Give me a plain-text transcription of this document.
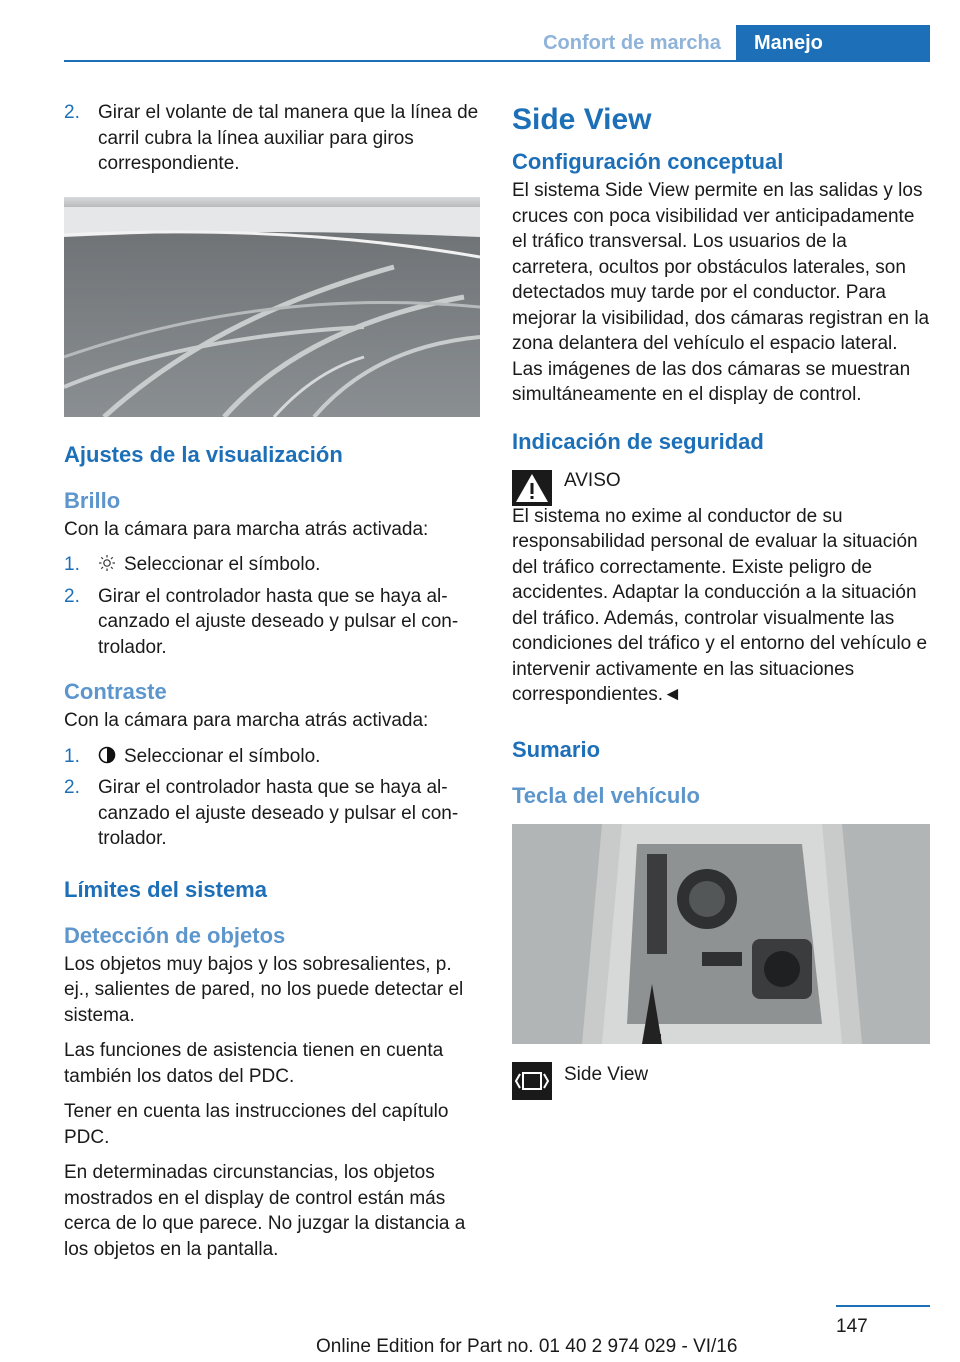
Confort de marcha	Manejo
2. Girar el volante de tal manera que la línea de carril cubra la línea auxiliar para giros correspondiente.
Ajustes de la visualización
Brillo

Con la cámara para marcha atrás activada:

1.	Seleccionar el símbolo.
2. Girar el controlador hasta que se haya alcanzado el ajuste deseado y pulsar el controlador.
Contraste

Con la cámara para marcha atrás activada:

1.	Seleccionar el símbolo.
2. Girar el controlador hasta que se haya alcanzado el ajuste deseado y pulsar el controlador.
Límites del sistema
Detección de objetos

Los objetos muy bajos y los sobresalientes, p. ej., salientes de pared, no los puede detectar el sistema.

Las funciones de asistencia tienen en cuenta también los datos del PDC.

Tener en cuenta las instrucciones del capítulo PDC.

En determinadas circunstancias, los objetos mostrados en el display de control están más cerca de lo que parece. No juzgar la distancia a los objetos en la pantalla.

Side View
Configuración conceptual

El sistema Side View permite en las salidas y los cruces con poca visibilidad ver anticipadamente el tráfico transversal. Los usuarios de la carretera, ocultos por obstáculos laterales, son detectados muy tarde por el conductor. Para mejorar la visibilidad, dos cámaras registran en la zona delantera del vehículo el espacio lateral. Las imágenes de las dos cámaras se muestran simultáneamente en el display de control.

Indicación de seguridad
AVISO

El sistema no exime al conductor de su responsabilidad personal de evaluar la situación del tráfico correctamente. Existe peligro de accidentes. Adaptar la conducción a la situación del tráfico. Además, controlar visualmente las condiciones del tráfico y el entorno del vehículo e intervenir activamente en las situaciones correspondientes.◄

Sumario
Tecla del vehículo
Side View
147
Online Edition for Part no. 01 40 2 974 029 - VI/16
